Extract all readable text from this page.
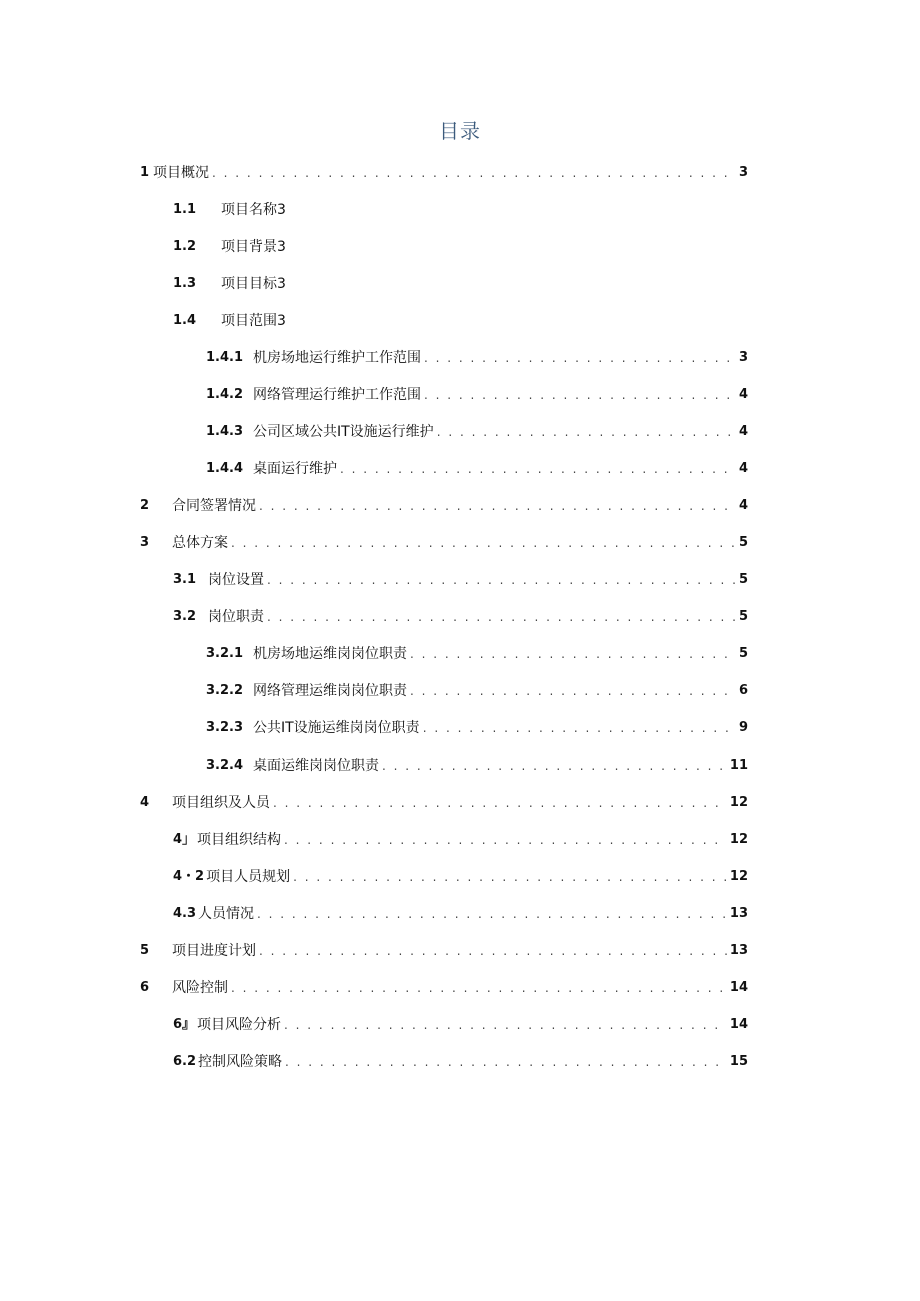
目录
1 项目概况 . . .	3
1.1	项目名称3
1.2	项目背景3
1.3	项目目标3
1.4	项目范围3
1.4.1 机房场地运行维护工作范围 . . .	3
1.4.2 网络管理运行维护工作范围 . . .	4
1.4.3 公司区域公共IT设施运行维护 . . .	4
1.4.4 桌面运行维护 . . .	4
2	合同签署情况 . . .	4
3	总体方案 . . .	5
3.1 岗位设置 . . .	5
3.2 岗位职责 . . .	5
3.2.1 机房场地运维岗岗位职责 . . .	5
3.2.2 网络管理运维岗岗位职责 . . .	6
3.2.3 公共IT设施运维岗岗位职责 . . .	9
3.2.4 桌面运维岗岗位职责 . . .	11
4	项目组织及人员 . . .	12
4」 项目组织结构 . . .	12
4・2 项目人员规划 . . .	12
4.3 人员情况 . . .	13
5	项目进度计划 . . .	13
6	风险控制 . . .	14
6』 项目风险分析 . . .	14
6.2 控制风险策略 . . .	15
